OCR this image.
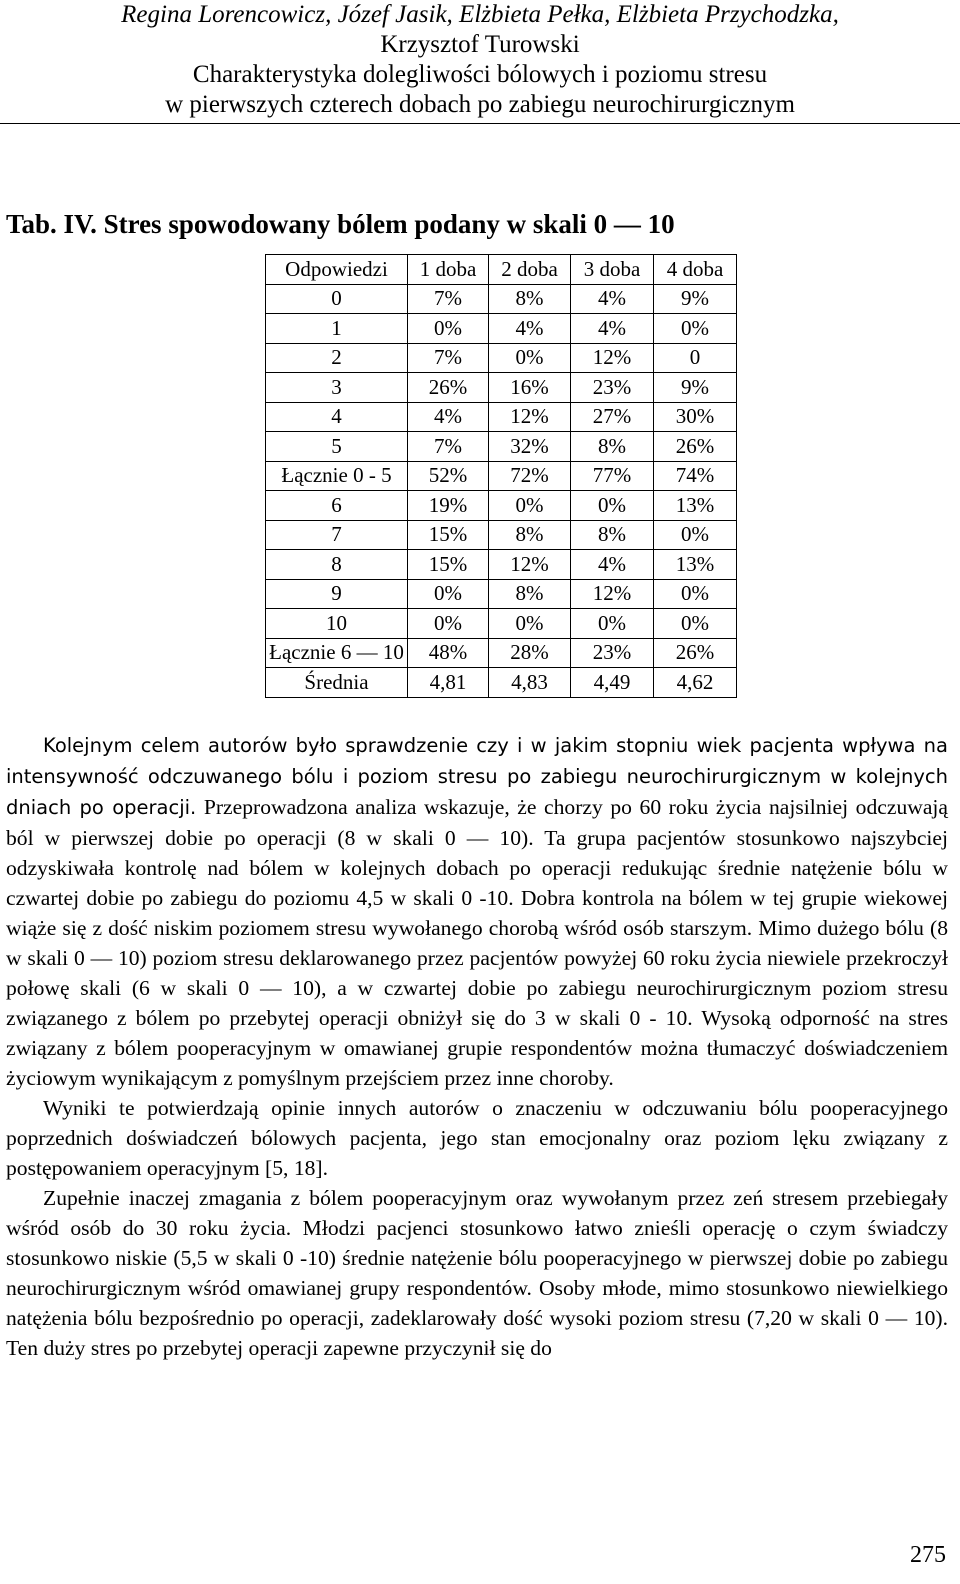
Regina Lorencowicz, Józef Jasik, Elżbieta Pełka, Elżbieta Przychodzka,
Krzysztof Turowski
Charakterystyka dolegliwości bólowych i poziomu stresu
w pierwszych czterech dobach po zabiegu neurochirurgicznym
Tab. IV. Stres spowodowany bólem podany w skali 0 — 10
Odpowiedzi	1 doba	2 doba	3 doba	4 doba
0	7%	8%	4%	9%
1	0%	4%	4%	0%
2	7%	0%	12%	0
3	26%	16%	23%	9%
4	4%	12%	27%	30%
5	7%	32%	8%	26%
Łącznie 0 - 5	52%	72%	77%	74%
6	19%	0%	0%	13%
7	15%	8%	8%	0%
8	15%	12%	4%	13%
9	0%	8%	12%	0%
10	0%	0%	0%	0%
Łącznie 6 — 10	48%	28%	23%	26%
Średnia	4,81	4,83	4,49	4,62

Kolejnym celem autorów było sprawdzenie czy i w jakim stopniu wiek pacjenta wpływa na intensywność odczuwanego bólu i poziom stresu po zabiegu neurochirurgicznym w kolejnych dniach po operacji. Przeprowadzona analiza wskazuje, że chorzy po 60 roku życia najsilniej odczuwają ból w pierwszej dobie po operacji (8 w skali 0 — 10). Ta grupa pacjentów stosunkowo najszybciej odzyskiwała kontrolę nad bólem w kolejnych dobach po operacji redukując średnie natężenie bólu w czwartej dobie po zabiegu do poziomu 4,5 w skali 0 -10. Dobra kontrola na bólem w tej grupie wiekowej wiąże się z dość niskim poziomem stresu wywołanego chorobą wśród osób starszym. Mimo dużego bólu (8 w skali 0 — 10) poziom stresu deklarowanego przez pacjentów powyżej 60 roku życia niewiele przekroczył połowę skali (6 w skali 0 — 10), a w czwartej dobie po zabiegu neurochirurgicznym poziom stresu związanego z bólem po przebytej operacji obniżył się do 3 w skali 0 - 10. Wysoką odporność na stres związany z bólem pooperacyjnym w omawianej grupie respondentów można tłumaczyć doświadczeniem życiowym wynikającym z pomyślnym przejściem przez inne choroby.

Wyniki te potwierdzają opinie innych autorów o znaczeniu w odczuwaniu bólu pooperacyjnego poprzednich doświadczeń bólowych pacjenta, jego stan emocjonalny oraz poziom lęku związany z postępowaniem operacyjnym [5, 18].

Zupełnie inaczej zmagania z bólem pooperacyjnym oraz wywołanym przez zeń stresem przebiegały wśród osób do 30 roku życia. Młodzi pacjenci stosunkowo łatwo znieśli operację o czym świadczy stosunkowo niskie (5,5 w skali 0 -10) średnie natężenie bólu pooperacyjnego w pierwszej dobie po zabiegu neurochirurgicznym wśród omawianej grupy respondentów. Osoby młode, mimo stosunkowo niewielkiego natężenia bólu bezpośrednio po operacji, zadeklarowały dość wysoki poziom stresu (7,20 w skali 0 — 10). Ten duży stres po przebytej operacji zapewne przyczynił się do

275
